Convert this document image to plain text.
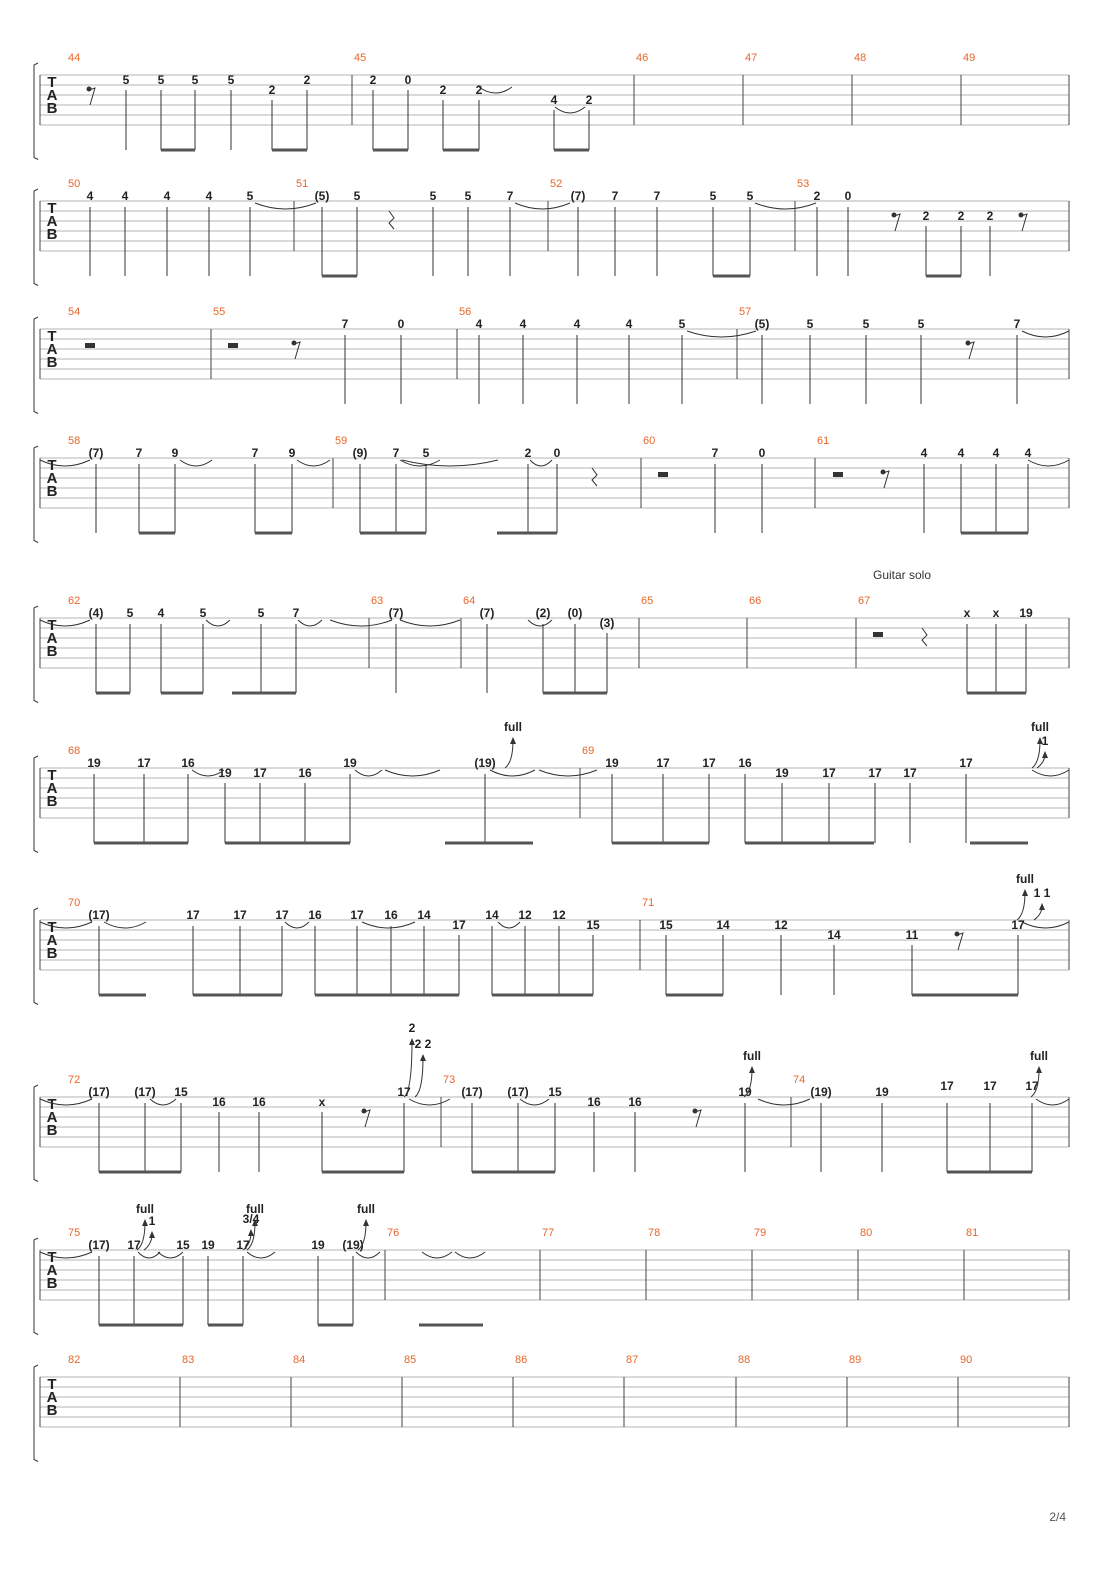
T
A
B
44	45	46	47	48	49
5 5 5 5
2
2	2 0
2 2
4 2
T
A
B
50	51	52	53
4 4	4	4	5	(5) 5	5 5	7	(7) 7	7	5	5	2 0
2 2 2
T
A
B
54	55	56	57
7	0	4	4	4	4	5	(5)	5	5	5	7
T
A
B
58	59	60	61
(7)	7 9	7	9	(9) 7 5	2 0	7	0	4	4 4 4
T
A
B
62	63	64	65	66	67
(4) 5 4	5	5 7	(7)	(7)	(2) (0)
(3)
x x 19
T
A
B
68	69
19	17	16
19 17	16
19	(19)	19	17	17 16
19	17	17 17
17
T
A
B
70	71
(17)	17	17 17 16 17 16 14
17
14 12 12
15	15	14	12
14	11
17
T
A
B
72	73	74
(17) (17) 15
16 16	x
17	(17) (17) 15
16 16
19	(19)	19	17 17 17
T
A
B
75	76	77	78	79	80	81
(17) 17	15 19 17	19 (19)
T
A
B
82	83	84	85	86	87	88	89	90
full	full
1
full
1 1
2
2 2
full	full
full
1
full
3/4
full
Guitar solo
2/4
